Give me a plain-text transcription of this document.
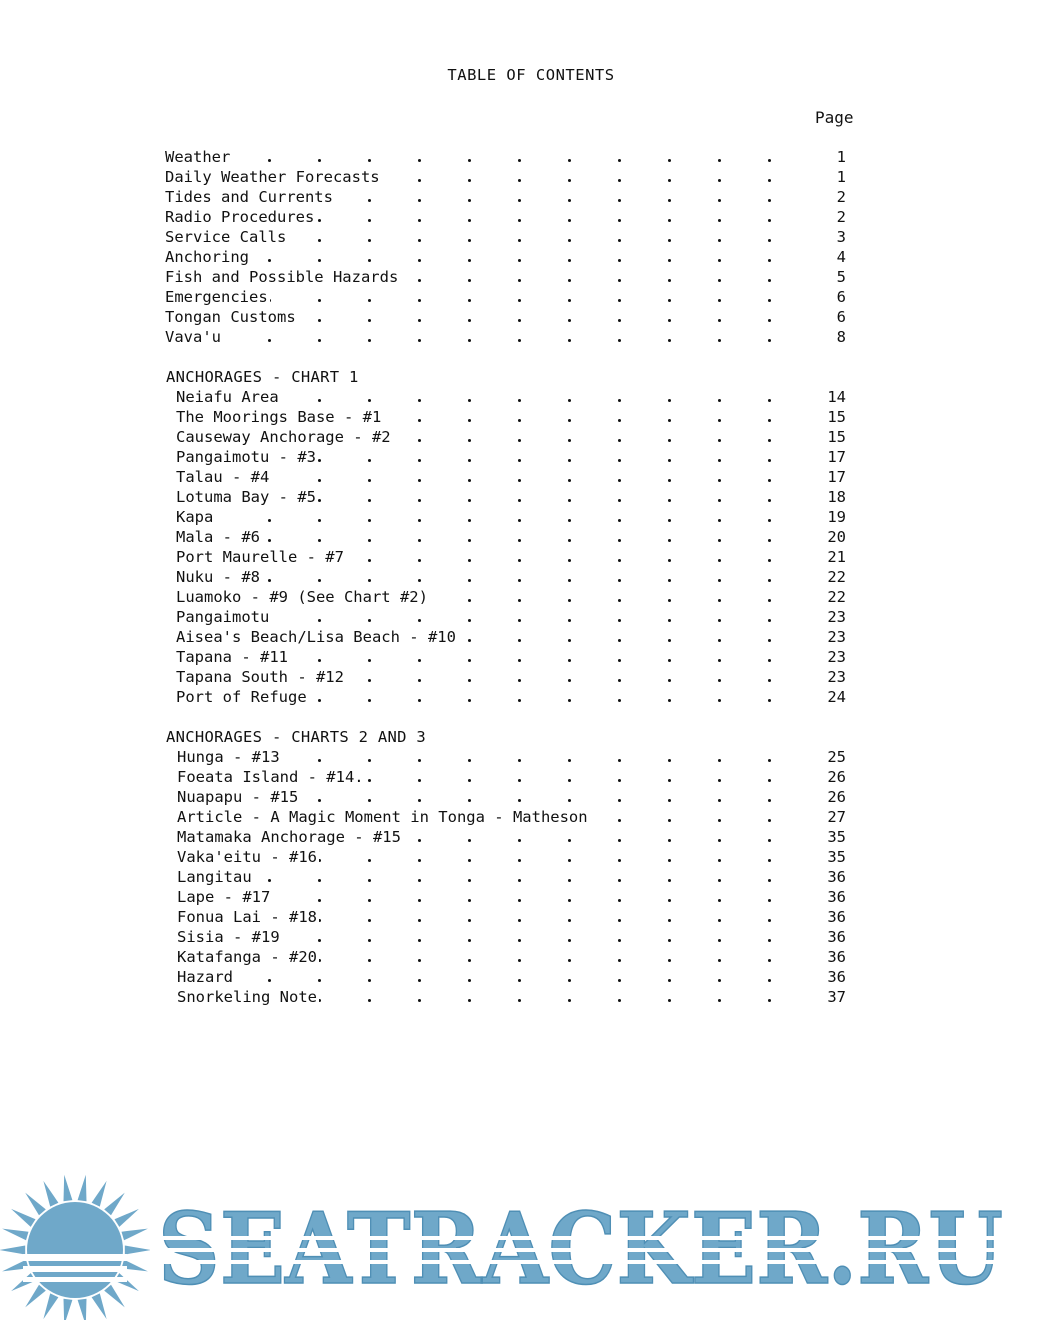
TABLE OF CONTENTS
Page
Weather	1
Daily Weather Forecasts	1
Tides and Currents	2
Radio Procedures	2
Service Calls	3
Anchoring	4
Fish and Possible Hazards	5
Emergencies	6
Tongan Customs	6
Vava'u	8
ANCHORAGES - CHART 1
Neiafu Area	14
The Moorings Base - #1	15
Causeway Anchorage - #2	15
Pangaimotu - #3	17
Talau - #4	17
Lotuma Bay - #5	18
Kapa	19
Mala - #6	20
Port Maurelle - #7	21
Nuku - #8	22
Luamoko - #9 (See Chart #2)	22
Pangaimotu	23
Aisea's Beach/Lisa Beach - #10	23
Tapana - #11	23
Tapana South - #12	23
Port of Refuge	24
ANCHORAGES - CHARTS 2 AND 3
Hunga - #13	25
Foeata Island - #14.	26
Nuapapu - #15	26
Article - A Magic Moment in Tonga - Matheson	27
Matamaka Anchorage - #15	35
Vaka'eitu - #16	35
Langitau	36
Lape - #17	36
Fonua Lai - #18	36
Sisia - #19	36
Katafanga - #20	36
Hazard	36
Snorkeling Note	37
